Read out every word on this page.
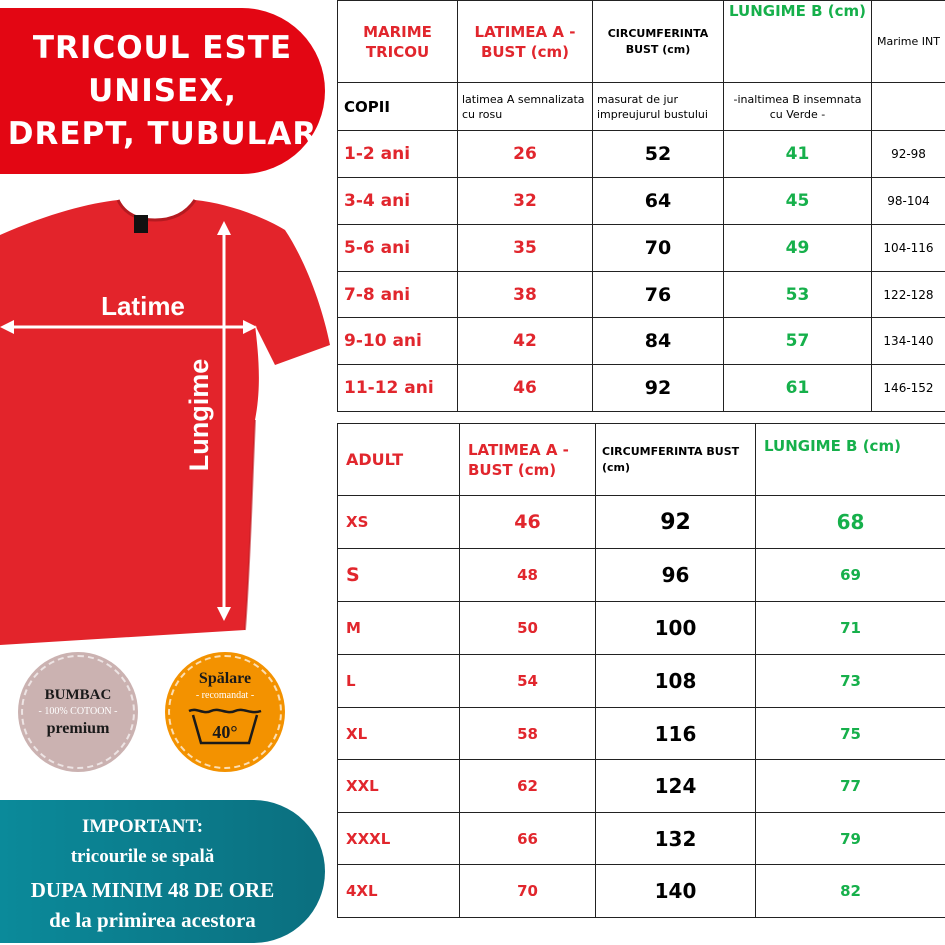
TRICOUL ESTE
UNISEX,
DREPT, TUBULAR
Latime
Lungime
BUMBAC
- 100% COTOON -
premium
Spălare
- recomandat -
40°
IMPORTANT:
tricourile se spală
DUPA MINIM 48 DE ORE
de la primirea acestora
MARIME TRICOU	LATIMEA A - BUST (cm)	CIRCUMFERINTA BUST (cm)	LUNGIME B (cm)	Marime INT
COPII	latimea A semnalizata cu rosu	masurat de jur impreujurul bustului	-inaltimea B insemnata cu Verde -	
1-2 ani	26	52	41	92-98
3-4 ani	32	64	45	98-104
5-6 ani	35	70	49	104-116
7-8 ani	38	76	53	122-128
9-10 ani	42	84	57	134-140
11-12 ani	46	92	61	146-152
ADULT	LATIMEA A - BUST (cm)	CIRCUMFERINTA BUST (cm)	LUNGIME B (cm)
XS	46	92	68
S	48	96	69
M	50	100	71
L	54	108	73
XL	58	116	75
XXL	62	124	77
XXXL	66	132	79
4XL	70	140	82
